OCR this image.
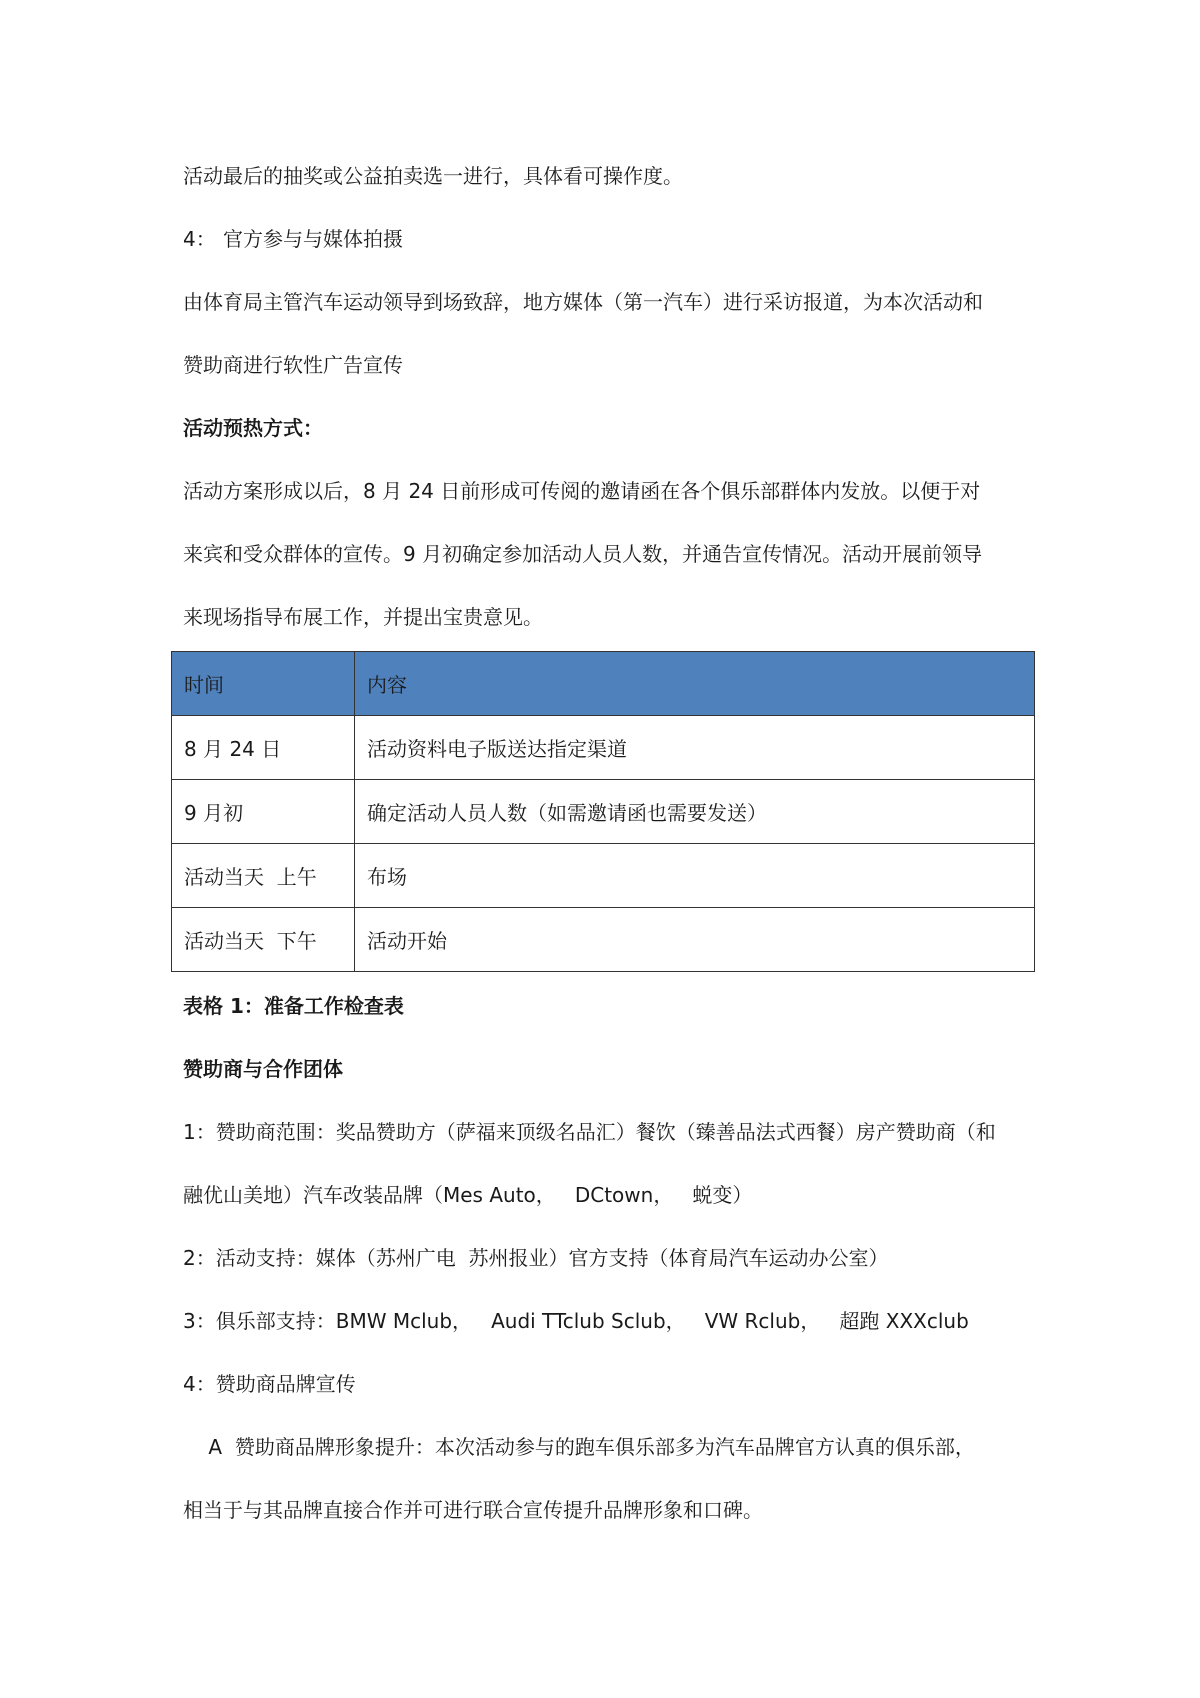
活动最后的抽奖或公益拍卖选一进行，具体看可操作度。
4： 官方参与与媒体拍摄
由体育局主管汽车运动领导到场致辞，地方媒体（第一汽车）进行采访报道，为本次活动和
赞助商进行软性广告宣传
活动预热方式：
活动方案形成以后，8 月 24 日前形成可传阅的邀请函在各个俱乐部群体内发放。以便于对
来宾和受众群体的宣传。9 月初确定参加活动人员人数，并通告宣传情况。活动开展前领导
来现场指导布展工作，并提出宝贵意见。
时间	内容
8 月 24 日	活动资料电子版送达指定渠道
9 月初	确定活动人员人数（如需邀请函也需要发送）
活动当天  上午	布场
活动当天  下午	活动开始
表格 1：准备工作检查表
赞助商与合作团体
1：赞助商范围：奖品赞助方（萨福来顶级名品汇）餐饮（臻善品法式西餐）房产赞助商（和
融优山美地）汽车改装品牌（Mes Auto，   DCtown，   蜕变）
2：活动支持：媒体（苏州广电  苏州报业）官方支持（体育局汽车运动办公室）
3：俱乐部支持：BMW Mclub，   Audi TTclub Sclub，   VW Rclub，   超跑 XXXclub
4：赞助商品牌宣传
A  赞助商品牌形象提升：本次活动参与的跑车俱乐部多为汽车品牌官方认真的俱乐部，
相当于与其品牌直接合作并可进行联合宣传提升品牌形象和口碑。
